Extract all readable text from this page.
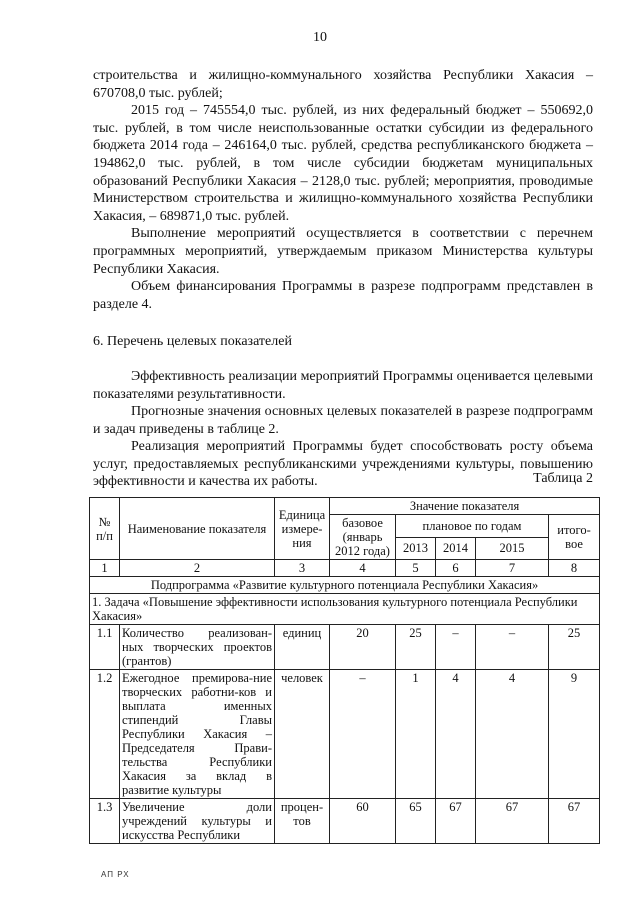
10

строительства и жилищно-коммунального хозяйства Республики Хакасия – 670708,0 тыс. рублей;

2015 год – 745554,0 тыс. рублей, из них федеральный бюджет – 550692,0 тыс. рублей, в том числе неиспользованные остатки субсидии из федерального бюджета 2014 года – 246164,0 тыс. рублей, средства республиканского бюджета – 194862,0 тыс. рублей, в том числе субсидии бюджетам муниципальных образований Республики Хакасия – 2128,0 тыс. рублей; мероприятия, проводимые Министерством строительства и жилищно-коммунального хозяйства Республики Хакасия, – 689871,0 тыс. рублей.

Выполнение мероприятий осуществляется в соответствии с перечнем программных мероприятий, утверждаемым приказом Министерства культуры Республики Хакасия.

Объем финансирования Программы в разрезе подпрограмм представлен в разделе 4.

6. Перечень целевых показателей

Эффективность реализации мероприятий Программы оценивается целевыми показателями результативности.

Прогнозные значения основных целевых показателей в разрезе подпрограмм и задач приведены в таблице 2.

Реализация мероприятий Программы будет способствовать росту объема услуг, предоставляемых республиканскими учреждениями культуры, повышению эффективности и качества их работы.	Таблица 2
№ п/п	Наименование показателя	Единица измере-ния	Значение показателя				
			базовое (январь 2012 года)	плановое по годам			итого-вое
				2013	2014	2015	
1	2	3	4	5	6	7	8
Подпрограмма «Развитие культурного потенциала Республики Хакасия»							
1. Задача «Повышение эффективности использования культурного потенциала Республики Хакасия»							
1.1	Количество реализован-ных творческих проектов (грантов)	единиц	20	25	–	–	25
1.2	Ежегодное премирова-ние творческих работни-ков и выплата именных стипендий Главы Республики Хакасия – Председателя Прави-тельства Республики Хакасия за вклад в развитие культуры	человек	–	1	4	4	9
1.3	Увеличение доли учреждений культуры и искусства Республики	процен-тов	60	65	67	67	67
АП РХ
